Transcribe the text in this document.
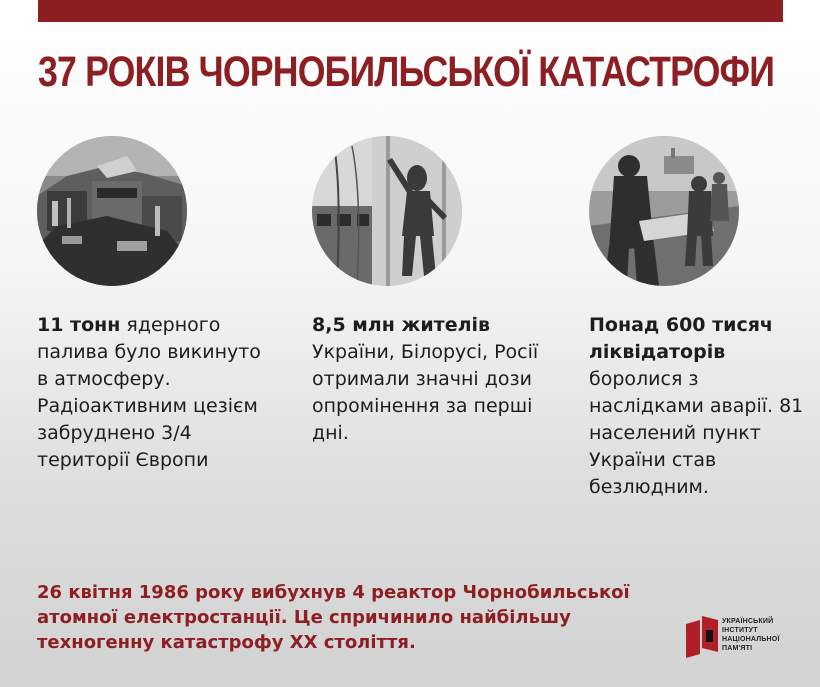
37 РОКІВ ЧОРНОБИЛЬСЬКОЇ КАТАСТРОФИ
11 тонн ядерного палива було викинуто в атмосферу. Радіоактивним цезієм забруднено 3/4 території Європи
8,5 млн жителів України, Білорусі, Росії отримали значні дози опромінення за перші дні.
Понад 600 тисяч ліквідаторів боролися з наслідками аварії. 81 населений пункт України став безлюдним.

26 квітня 1986 року вибухнув 4 реактор Чорнобильської атомної електростанції. Це спричинило найбільшу техногенну катастрофу XX століття.

УКРАЇНСЬКИЙ
ІНСТИТУТ
НАЦІОНАЛЬНОЇ
ПАМ'ЯТІ
